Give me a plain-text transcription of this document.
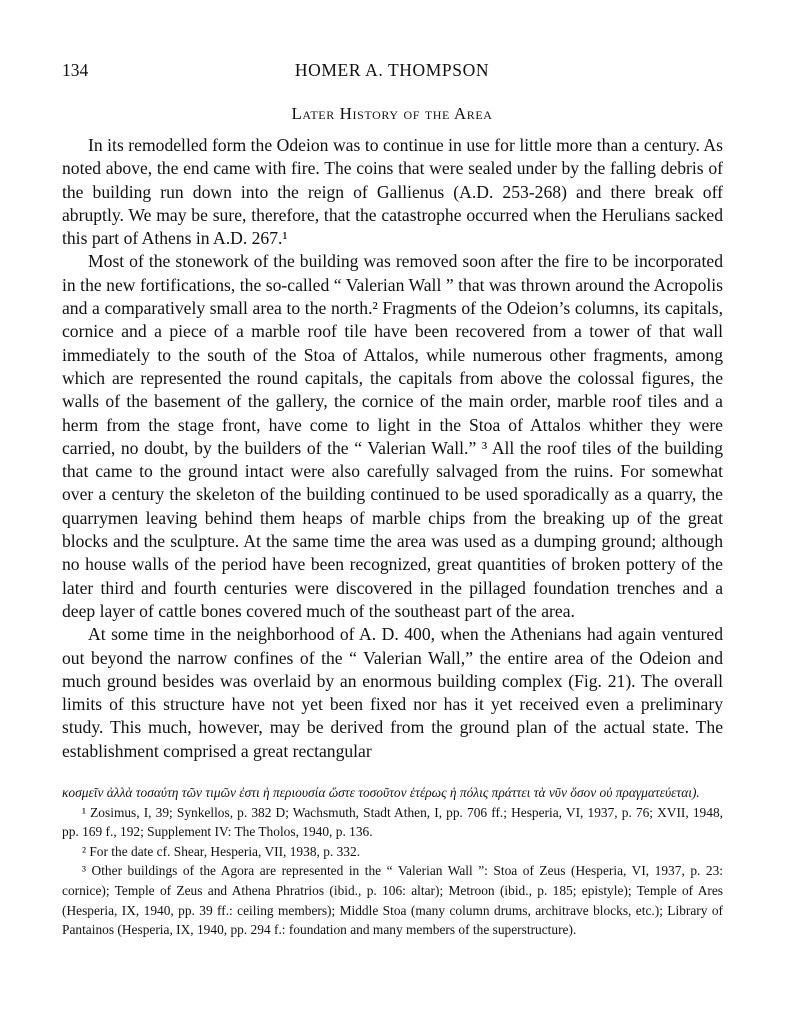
134	HOMER A. THOMPSON
Later History of the Area

In its remodelled form the Odeion was to continue in use for little more than a century. As noted above, the end came with fire. The coins that were sealed under by the falling debris of the building run down into the reign of Gallienus (A.D. 253-268) and there break off abruptly. We may be sure, therefore, that the catastrophe occurred when the Herulians sacked this part of Athens in A.D. 267.¹

Most of the stonework of the building was removed soon after the fire to be incorporated in the new fortifications, the so-called “ Valerian Wall ” that was thrown around the Acropolis and a comparatively small area to the north.² Fragments of the Odeion’s columns, its capitals, cornice and a piece of a marble roof tile have been recovered from a tower of that wall immediately to the south of the Stoa of Attalos, while numerous other fragments, among which are represented the round capitals, the capitals from above the colossal figures, the walls of the basement of the gallery, the cornice of the main order, marble roof tiles and a herm from the stage front, have come to light in the Stoa of Attalos whither they were carried, no doubt, by the builders of the “ Valerian Wall.” ³ All the roof tiles of the building that came to the ground intact were also carefully salvaged from the ruins. For somewhat over a century the skeleton of the building continued to be used sporadically as a quarry, the quarrymen leaving behind them heaps of marble chips from the breaking up of the great blocks and the sculpture. At the same time the area was used as a dumping ground; although no house walls of the period have been recognized, great quantities of broken pottery of the later third and fourth centuries were discovered in the pillaged foundation trenches and a deep layer of cattle bones covered much of the southeast part of the area.

At some time in the neighborhood of A. D. 400, when the Athenians had again ventured out beyond the narrow confines of the “ Valerian Wall,” the entire area of the Odeion and much ground besides was overlaid by an enormous building complex (Fig. 21). The overall limits of this structure have not yet been fixed nor has it yet received even a preliminary study. This much, however, may be derived from the ground plan of the actual state. The establishment comprised a great rectangular

κοσμεῖν ἀλλὰ τοσαύτη τῶν τιμῶν ἐστι ἡ περιουσία ὥστε τοσοῦτον ἑτέρως ἡ πόλις πράττει τὰ νῦν ὅσον οὐ πραγματεύεται).

¹ Zosimus, I, 39; Synkellos, p. 382 D; Wachsmuth, Stadt Athen, I, pp. 706 ff.; Hesperia, VI, 1937, p. 76; XVII, 1948, pp. 169 f., 192; Supplement IV: The Tholos, 1940, p. 136.

² For the date cf. Shear, Hesperia, VII, 1938, p. 332.

³ Other buildings of the Agora are represented in the “ Valerian Wall ”: Stoa of Zeus (Hesperia, VI, 1937, p. 23: cornice); Temple of Zeus and Athena Phratrios (ibid., p. 106: altar); Metroon (ibid., p. 185; epistyle); Temple of Ares (Hesperia, IX, 1940, pp. 39 ff.: ceiling members); Middle Stoa (many column drums, architrave blocks, etc.); Library of Pantainos (Hesperia, IX, 1940, pp. 294 f.: foundation and many members of the superstructure).
